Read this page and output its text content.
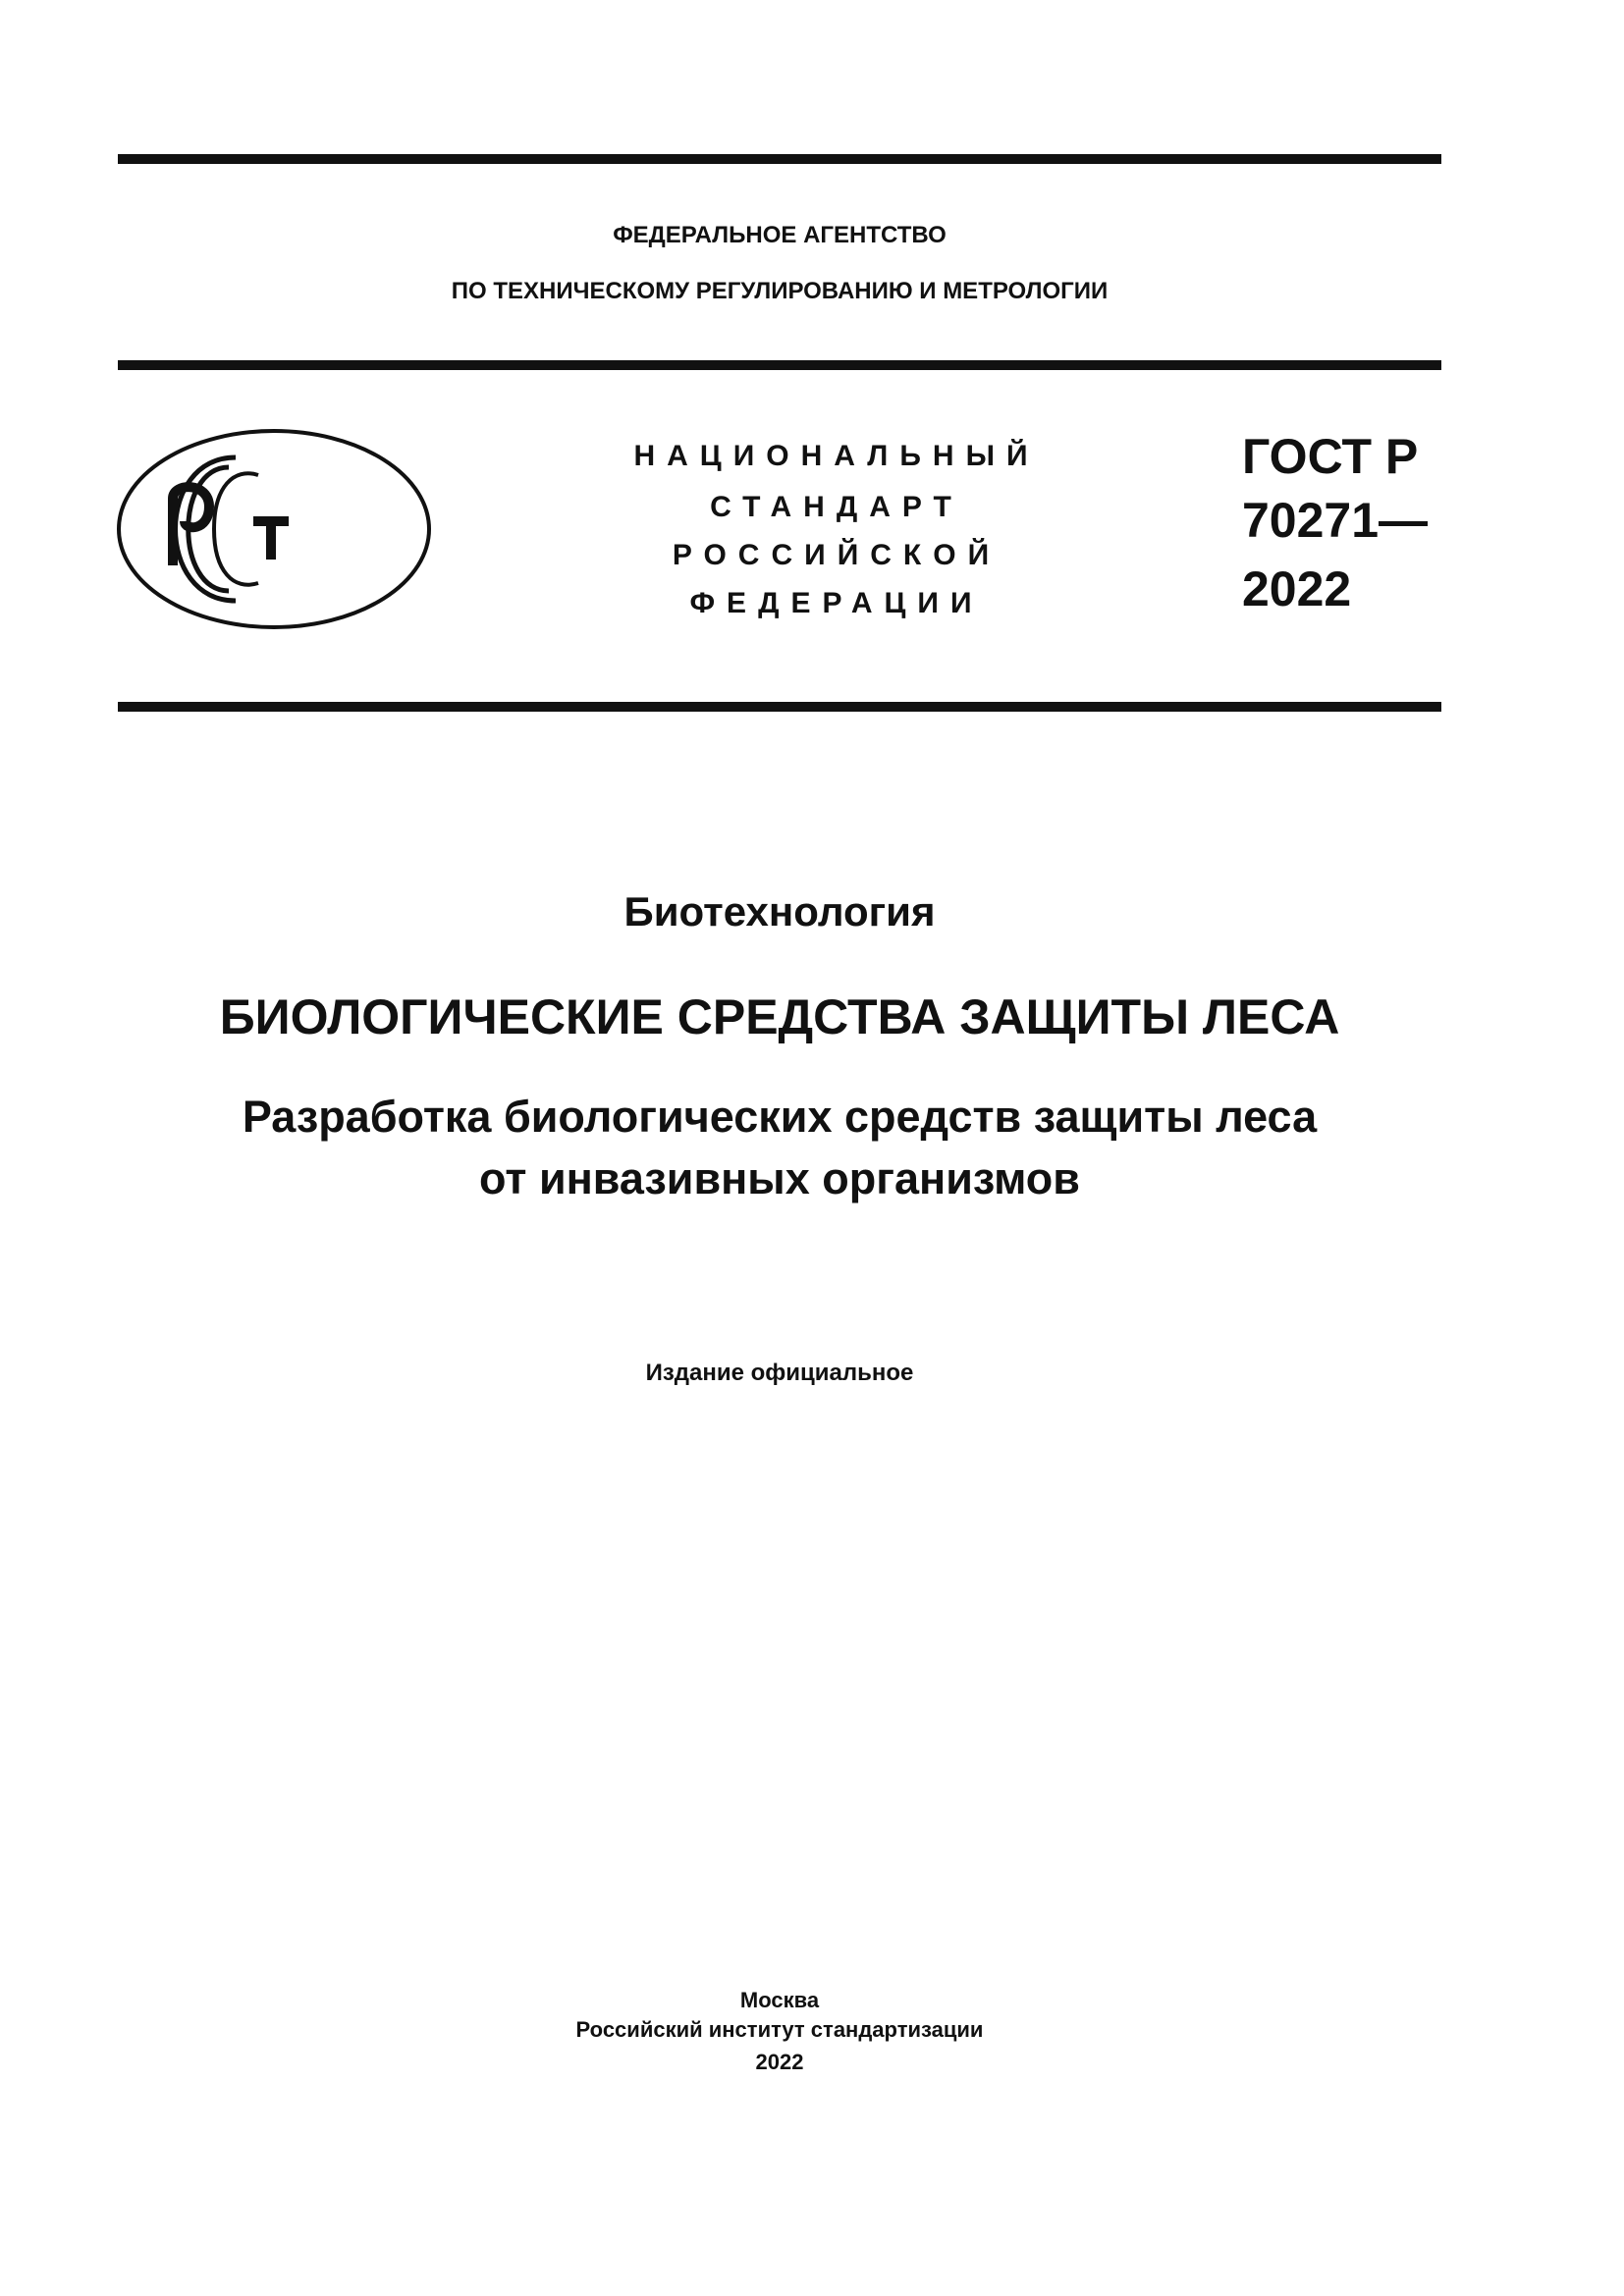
ФЕДЕРАЛЬНОЕ АГЕНТСТВО
ПО ТЕХНИЧЕСКОМУ РЕГУЛИРОВАНИЮ И МЕТРОЛОГИИ
НАЦИОНАЛЬНЫЙ
СТАНДАРТ
РОССИЙСКОЙ
ФЕДЕРАЦИИ
ГОСТ Р
70271—
2022
Биотехнология
БИОЛОГИЧЕСКИЕ СРЕДСТВА ЗАЩИТЫ ЛЕСА
Разработка биологических средств защиты леса
от инвазивных организмов
Издание официальное
Москва
Российский институт стандартизации
2022
